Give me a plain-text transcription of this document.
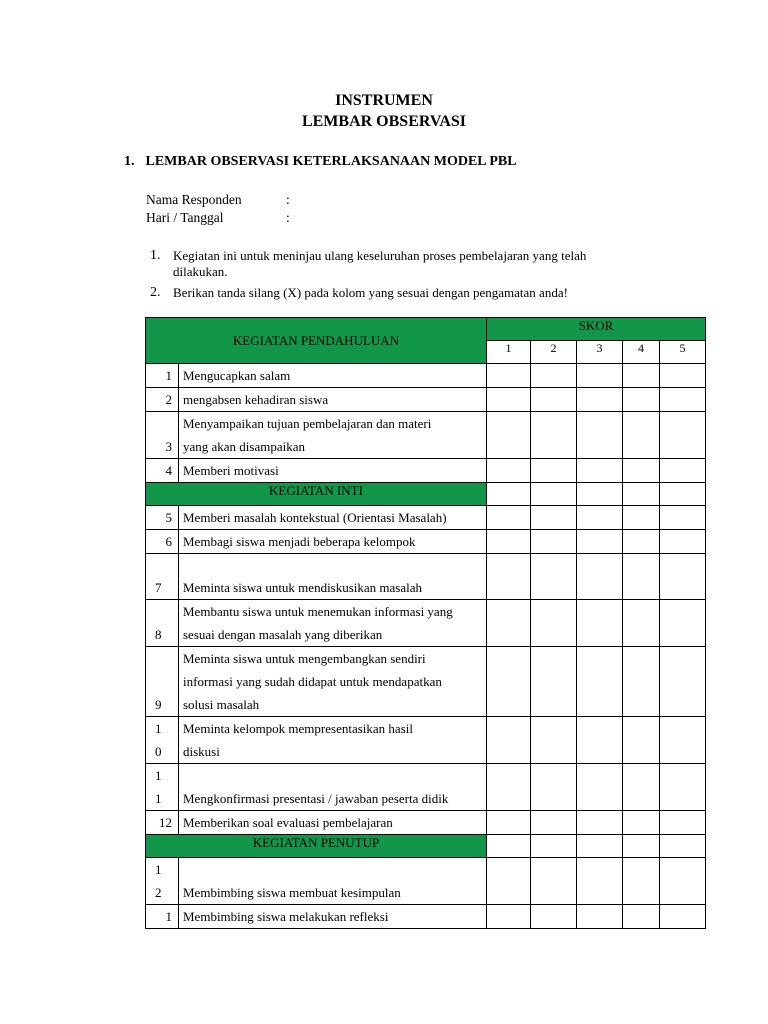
INSTRUMEN
LEMBAR OBSERVASI
1. LEMBAR OBSERVASI KETERLAKSANAAN MODEL PBL
Nama Responden	:
Hari / Tanggal	:
1. Kegiatan ini untuk meninjau ulang keseluruhan proses pembelajaran yang telah dilakukan.
2. Berikan tanda silang (X) pada kolom yang sesuai dengan pengamatan anda!
KEGIATAN PENDAHULUAN		SKOR				
		1	2	3	4	5

1	Mengucapkan salam					

2	mengabsen kehadiran siswa					

3	Menyampaikan tujuan pembelajaran dan materi
yang akan disampaikan					

4	Memberi motivasi					

KEGIATAN INTI						

5	Memberi masalah kontekstual (Orientasi Masalah)					

6	Membagi siswa menjadi beberapa kelompok					

7	Meminta siswa untuk mendiskusikan masalah					

8	Membantu siswa untuk menemukan informasi yang
sesuai dengan masalah yang diberikan					

9	Meminta siswa untuk mengembangkan sendiri
informasi yang sudah didapat untuk mendapatkan
solusi masalah					

1
0	Meminta kelompok mempresentasikan hasil
diskusi					

1
1	Mengkonfirmasi presentasi / jawaban peserta didik					

12	Memberikan soal evaluasi pembelajaran					

KEGIATAN PENUTUP						

1
2	Membimbing siswa membuat kesimpulan					

1	Membimbing siswa melakukan refleksi					
